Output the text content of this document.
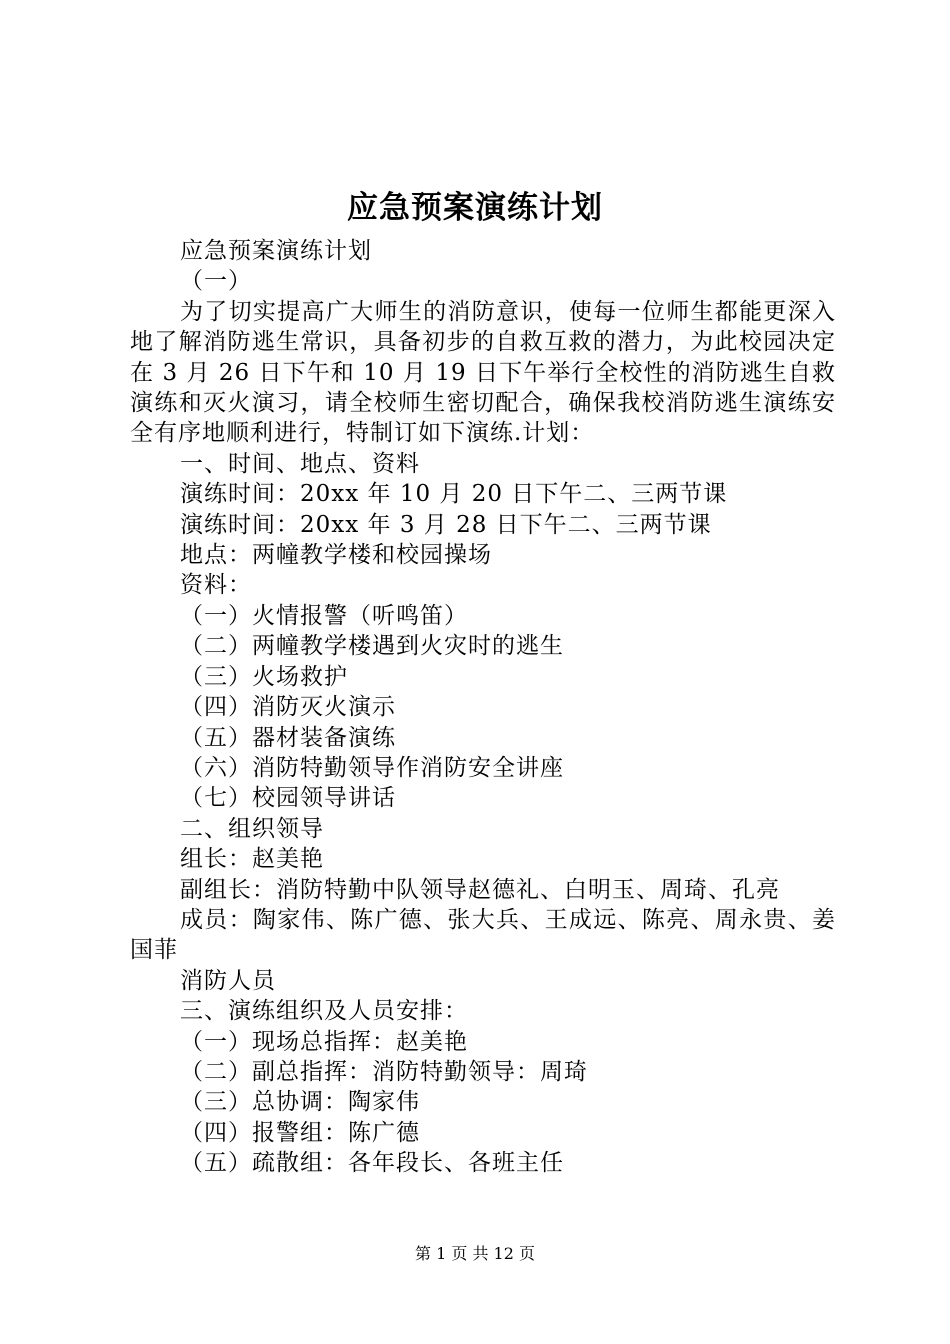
应急预案演练计划

应急预案演练计划

（一）

为了切实提高广大师生的消防意识，使每一位师生都能更深入地了解消防逃生常识，具备初步的自救互救的潜力，为此校园决定在 3 月 26 日下午和 10 月 19 日下午举行全校性的消防逃生自救演练和灭火演习，请全校师生密切配合，确保我校消防逃生演练安全有序地顺利进行，特制订如下演练.计划：

一、时间、地点、资料

演练时间：20xx 年 10 月 20 日下午二、三两节课

演练时间：20xx 年 3 月 28 日下午二、三两节课

地点：两幢教学楼和校园操场

资料：

（一）火情报警（听鸣笛）

（二）两幢教学楼遇到火灾时的逃生

（三）火场救护

（四）消防灭火演示

（五）器材装备演练

（六）消防特勤领导作消防安全讲座

（七）校园领导讲话

二、组织领导

组长：赵美艳

副组长：消防特勤中队领导赵德礼、白明玉、周琦、孔亮

成员：陶家伟、陈广德、张大兵、王成远、陈亮、周永贵、姜国菲

消防人员

三、演练组织及人员安排：

（一）现场总指挥：赵美艳

（二）副总指挥：消防特勤领导：周琦

（三）总协调：陶家伟

（四）报警组：陈广德

（五）疏散组：各年段长、各班主任

第 1 页 共 12 页
